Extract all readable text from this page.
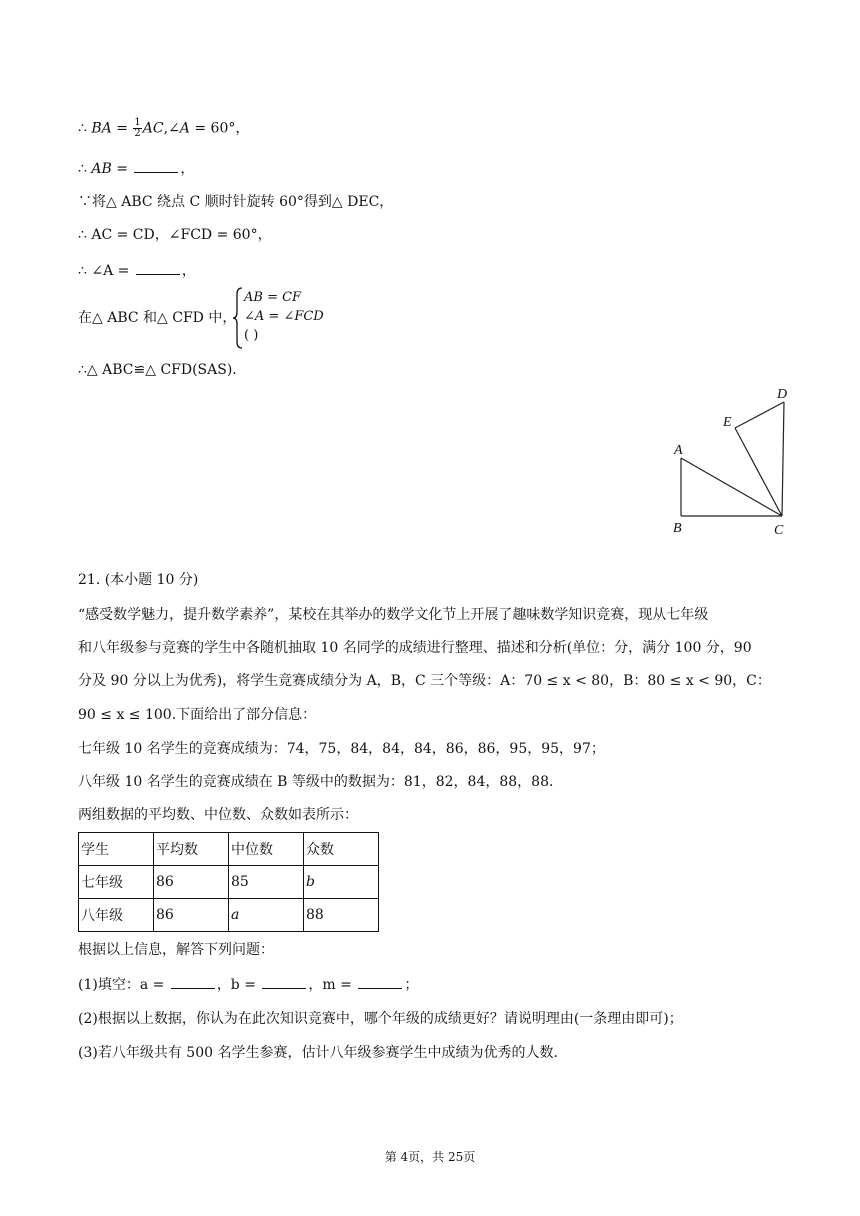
∴ BA = $\frac{1}{2}$ AC,∠A = 60°，
∴ AB =	，
∵将△ ABC 绕点 C 顺时针旋转 60°得到△ DEC，
∴ AC = CD，∠FCD = 60°，
∴ ∠A =	，
在△ ABC 和△ CFD 中，
AB = CF
∠A = ∠FCD
( )
∴△ ABC≌△ CFD(SAS).
A
B	C
D
E
21. (本小题 10 分)
“感受数学魅力，提升数学素养”，某校在其举办的数学文化节上开展了趣味数学知识竞赛，现从七年级
和八年级参与竞赛的学生中各随机抽取 10 名同学的成绩进行整理、描述和分析(单位：分，满分 100 分，90
分及 90 分以上为优秀)，将学生竞赛成绩分为 A，B，C 三个等级：A：70 ≤ x < 80，B：80 ≤ x < 90，C：
90 ≤ x ≤ 100.下面给出了部分信息：
七年级 10 名学生的竞赛成绩为：74，75，84，84，84，86，86，95，95，97；
八年级 10 名学生的竞赛成绩在 B 等级中的数据为：81，82，84，88，88.
两组数据的平均数、中位数、众数如表所示：
学生	平均数	中位数	众数
七年级	86	85	b
八年级	86	a	88
根据以上信息，解答下列问题：
(1)填空：a =	，b =	，m =	；
(2)根据以上数据，你认为在此次知识竞赛中，哪个年级的成绩更好？请说明理由(一条理由即可)；
(3)若八年级共有 500 名学生参赛，估计八年级参赛学生中成绩为优秀的人数.
第 4页，共 25页
